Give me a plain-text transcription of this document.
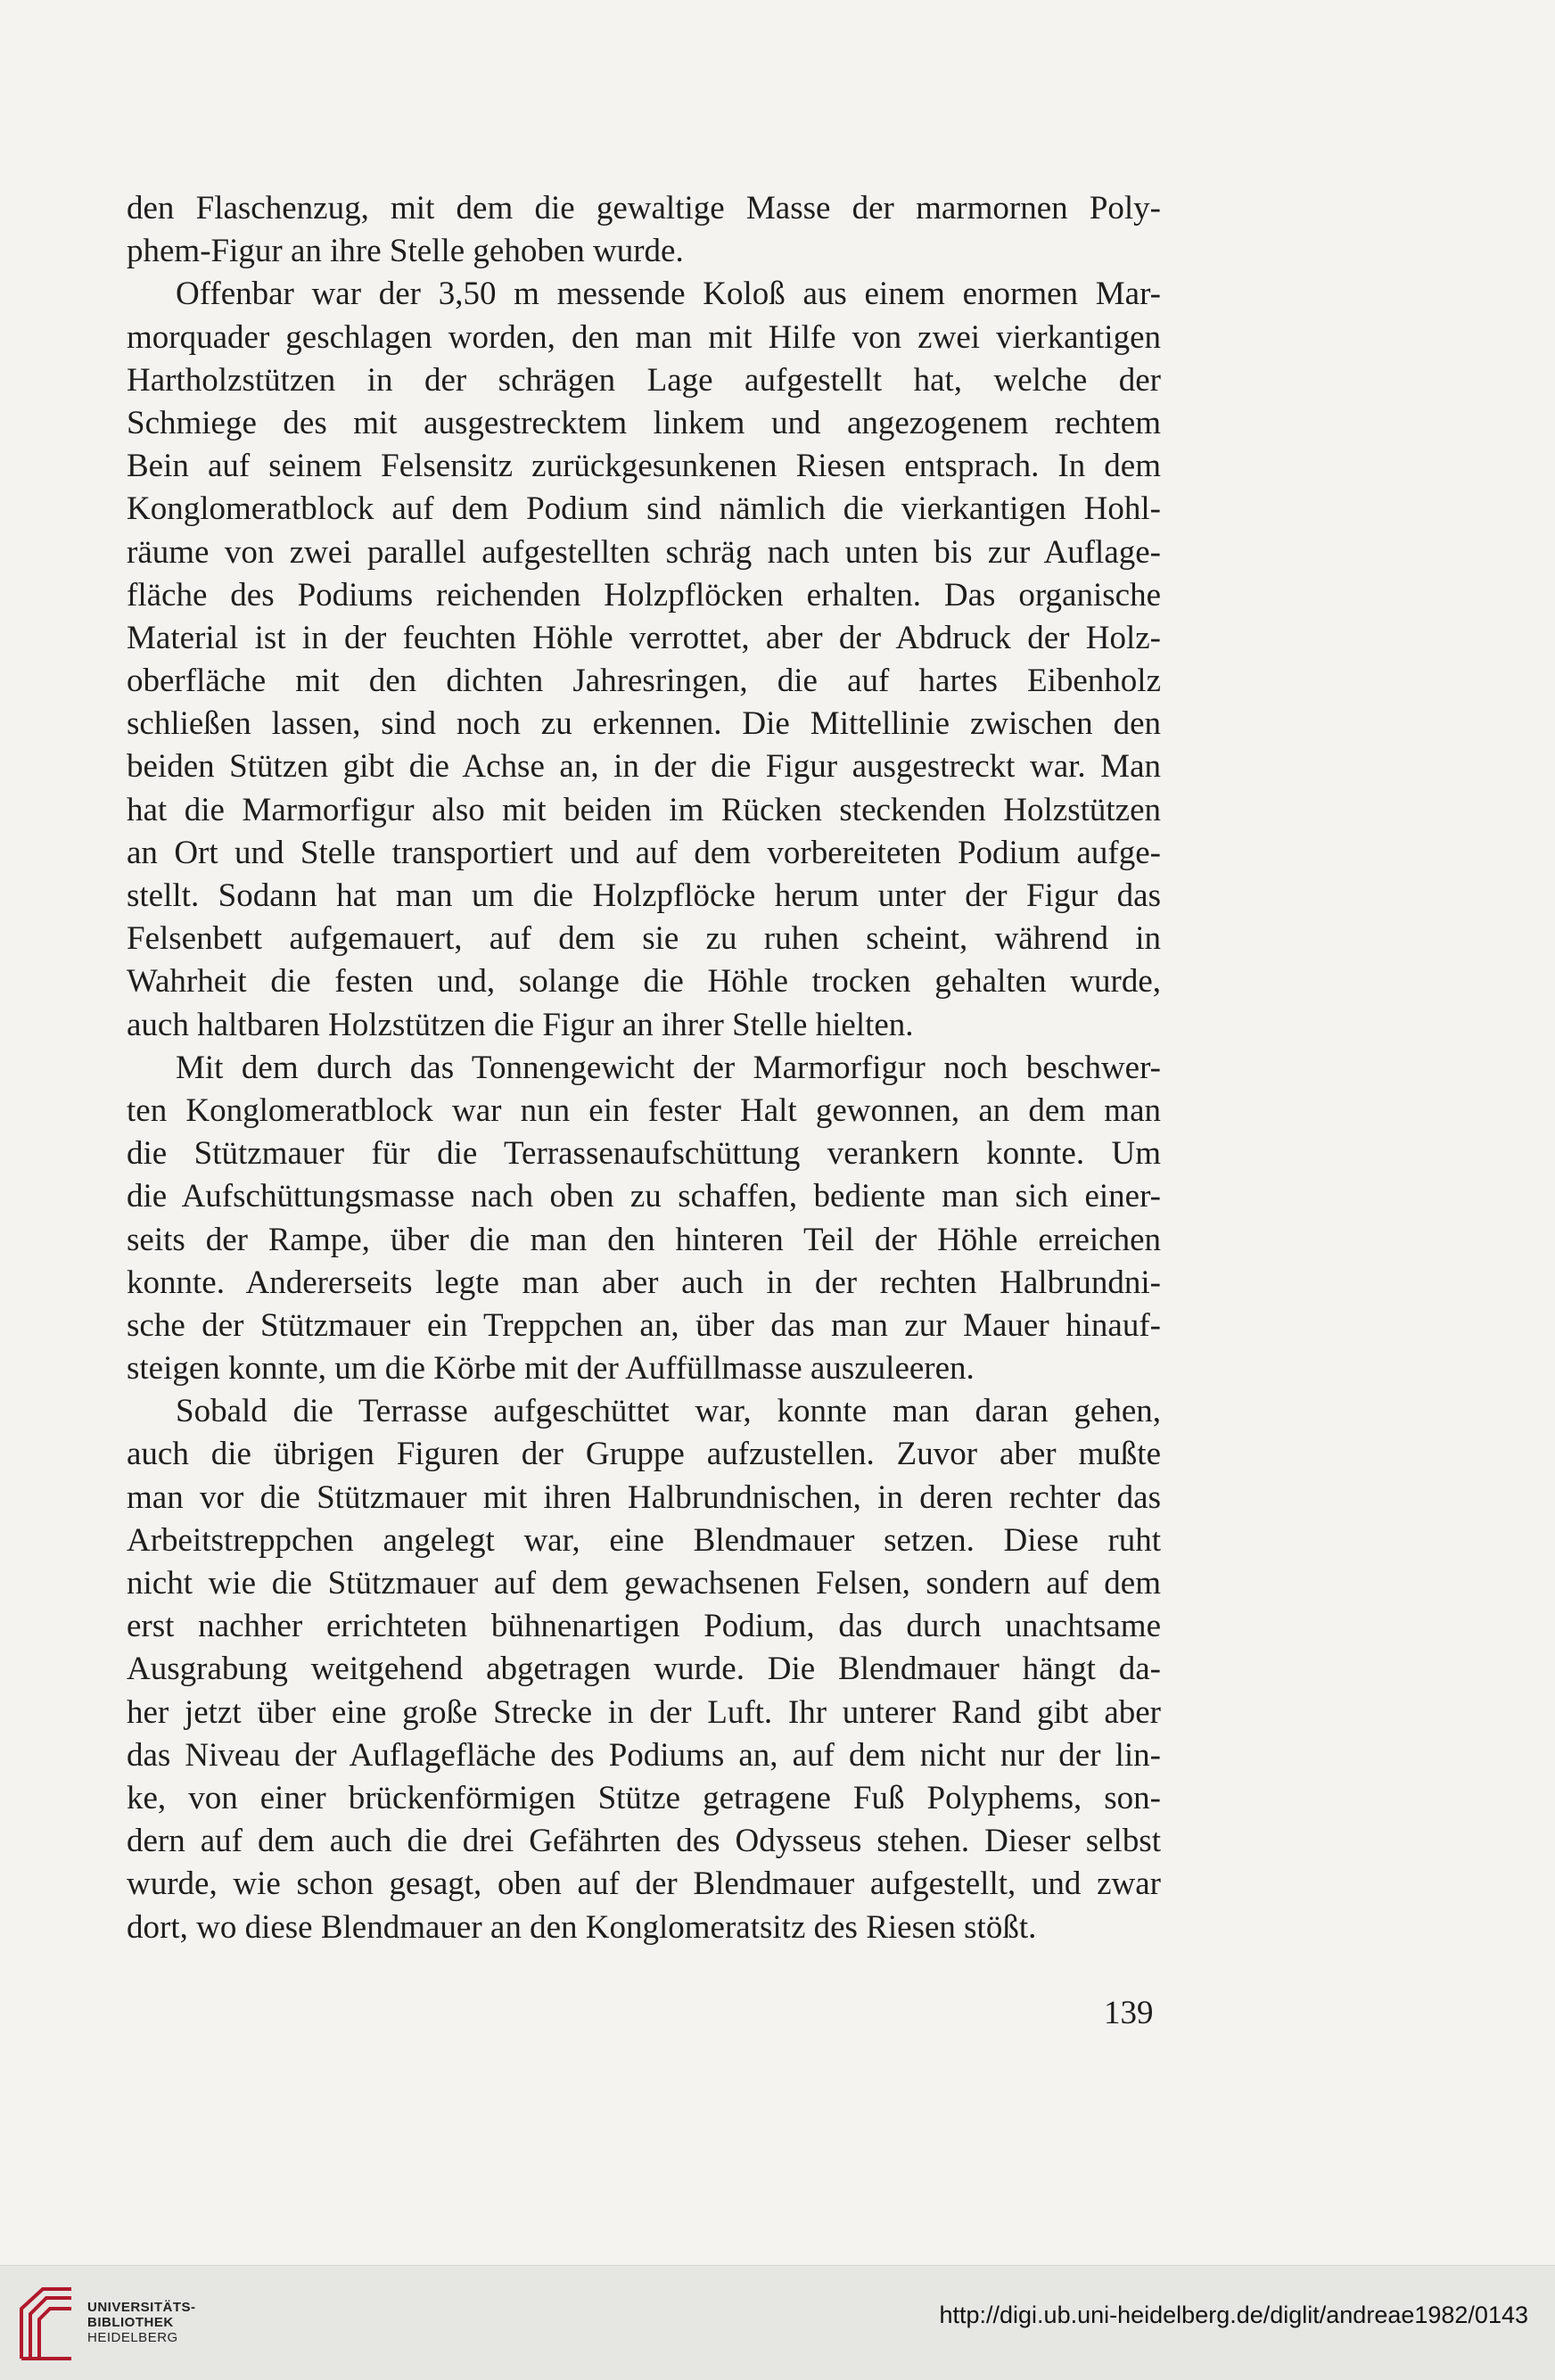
den Flaschenzug, mit dem die gewaltige Masse der marmornen Poly-
phem-Figur an ihre Stelle gehoben wurde.
Offenbar war der 3,50 m messende Koloß aus einem enormen Mar-
morquader geschlagen worden, den man mit Hilfe von zwei vierkantigen
Hartholzstützen in der schrägen Lage aufgestellt hat, welche der
Schmiege des mit ausgestrecktem linkem und angezogenem rechtem
Bein auf seinem Felsensitz zurückgesunkenen Riesen entsprach. In dem
Konglomeratblock auf dem Podium sind nämlich die vierkantigen Hohl-
räume von zwei parallel aufgestellten schräg nach unten bis zur Auflage-
fläche des Podiums reichenden Holzpflöcken erhalten. Das organische
Material ist in der feuchten Höhle verrottet, aber der Abdruck der Holz-
oberfläche mit den dichten Jahresringen, die auf hartes Eibenholz
schließen lassen, sind noch zu erkennen. Die Mittellinie zwischen den
beiden Stützen gibt die Achse an, in der die Figur ausgestreckt war. Man
hat die Marmorfigur also mit beiden im Rücken steckenden Holzstützen
an Ort und Stelle transportiert und auf dem vorbereiteten Podium aufge-
stellt. Sodann hat man um die Holzpflöcke herum unter der Figur das
Felsenbett aufgemauert, auf dem sie zu ruhen scheint, während in
Wahrheit die festen und, solange die Höhle trocken gehalten wurde,
auch haltbaren Holzstützen die Figur an ihrer Stelle hielten.
Mit dem durch das Tonnengewicht der Marmorfigur noch beschwer-
ten Konglomeratblock war nun ein fester Halt gewonnen, an dem man
die Stützmauer für die Terrassenaufschüttung verankern konnte. Um
die Aufschüttungsmasse nach oben zu schaffen, bediente man sich einer-
seits der Rampe, über die man den hinteren Teil der Höhle erreichen
konnte. Andererseits legte man aber auch in der rechten Halbrundni-
sche der Stützmauer ein Treppchen an, über das man zur Mauer hinauf-
steigen konnte, um die Körbe mit der Auffüllmasse auszuleeren.
Sobald die Terrasse aufgeschüttet war, konnte man daran gehen,
auch die übrigen Figuren der Gruppe aufzustellen. Zuvor aber mußte
man vor die Stützmauer mit ihren Halbrundnischen, in deren rechter das
Arbeitstreppchen angelegt war, eine Blendmauer setzen. Diese ruht
nicht wie die Stützmauer auf dem gewachsenen Felsen, sondern auf dem
erst nachher errichteten bühnenartigen Podium, das durch unachtsame
Ausgrabung weitgehend abgetragen wurde. Die Blendmauer hängt da-
her jetzt über eine große Strecke in der Luft. Ihr unterer Rand gibt aber
das Niveau der Auflagefläche des Podiums an, auf dem nicht nur der lin-
ke, von einer brückenförmigen Stütze getragene Fuß Polyphems, son-
dern auf dem auch die drei Gefährten des Odysseus stehen. Dieser selbst
wurde, wie schon gesagt, oben auf der Blendmauer aufgestellt, und zwar
dort, wo diese Blendmauer an den Konglomeratsitz des Riesen stößt.
139
UNIVERSITÄTS-
BIBLIOTHEK
HEIDELBERG
http://digi.ub.uni-heidelberg.de/diglit/andreae1982/0143
